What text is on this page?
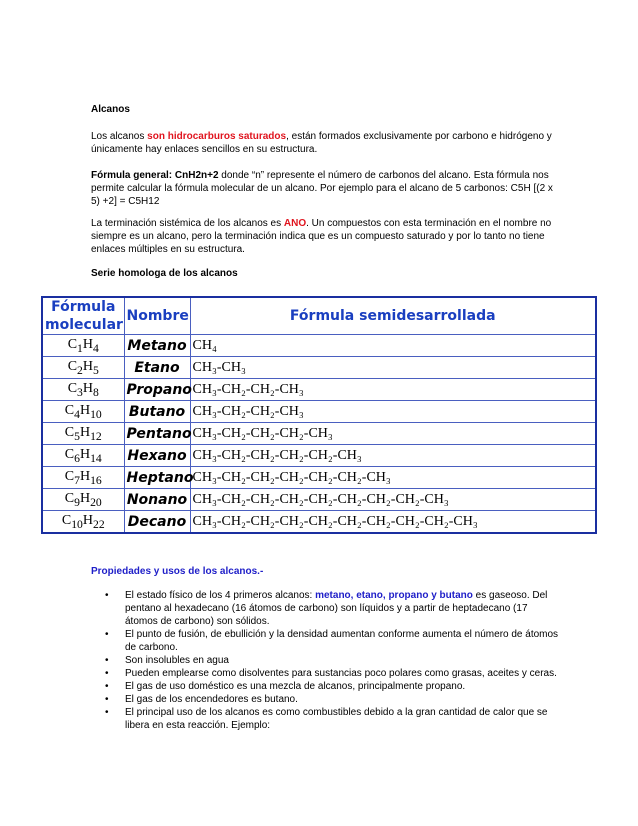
Alcanos
Los alcanos son hidrocarburos saturados, están formados exclusivamente por carbono e hidrógeno y únicamente hay enlaces sencillos en su estructura.
Fórmula general: CnH2n+2 donde “n” represente el número de carbonos del alcano. Esta fórmula nos permite calcular la fórmula molecular de un alcano. Por ejemplo para el alcano de 5 carbonos: C5H [(2 x 5) +2] = C5H12
La terminación sistémica de los alcanos es ANO. Un compuestos con esta terminación en el nombre no siempre es un alcano, pero la terminación indica que es un compuesto saturado y por lo tanto no tiene enlaces múltiples en su estructura.
Serie homologa de los alcanos
Fórmula molecular	Nombre	Fórmula semidesarrollada
$C_1H_4$	Metano	CH₄
$C_2H_5$	Etano	CH₃-CH₃
$C_3H_8$	Propano	CH₃-CH₂-CH₂-CH₃
$C_4H_{10}$	Butano	CH₃-CH₂-CH₂-CH₃
$C_5H_{12}$	Pentano	CH₃-CH₂-CH₂-CH₂-CH₃
$C_6H_{14}$	Hexano	CH₃-CH₂-CH₂-CH₂-CH₂-CH₃
$C_7H_{16}$	Heptano	CH₃-CH₂-CH₂-CH₂-CH₂-CH₂-CH₃
$C_9H_{20}$	Nonano	CH₃-CH₂-CH₂-CH₂-CH₂-CH₂-CH₂-CH₂-CH₃
$C_{10}H_{22}$	Decano	CH₃-CH₂-CH₂-CH₂-CH₂-CH₂-CH₂-CH₂-CH₂-CH₃
Propiedades y usos de los alcanos.-
• El estado físico de los 4 primeros alcanos: metano, etano, propano y butano es gaseoso. Del pentano al hexadecano (16 átomos de carbono) son líquidos y a partir de heptadecano (17 átomos de carbono) son sólidos.
• El punto de fusión, de ebullición y la densidad aumentan conforme aumenta el número de átomos de carbono.
• Son insolubles en agua
• Pueden emplearse como disolventes para sustancias poco polares como grasas, aceites y ceras.
• El gas de uso doméstico es una mezcla de alcanos, principalmente propano.
• El gas de los encendedores es butano.
• El principal uso de los alcanos es como combustibles debido a la gran cantidad de calor que se libera en esta reacción. Ejemplo:
